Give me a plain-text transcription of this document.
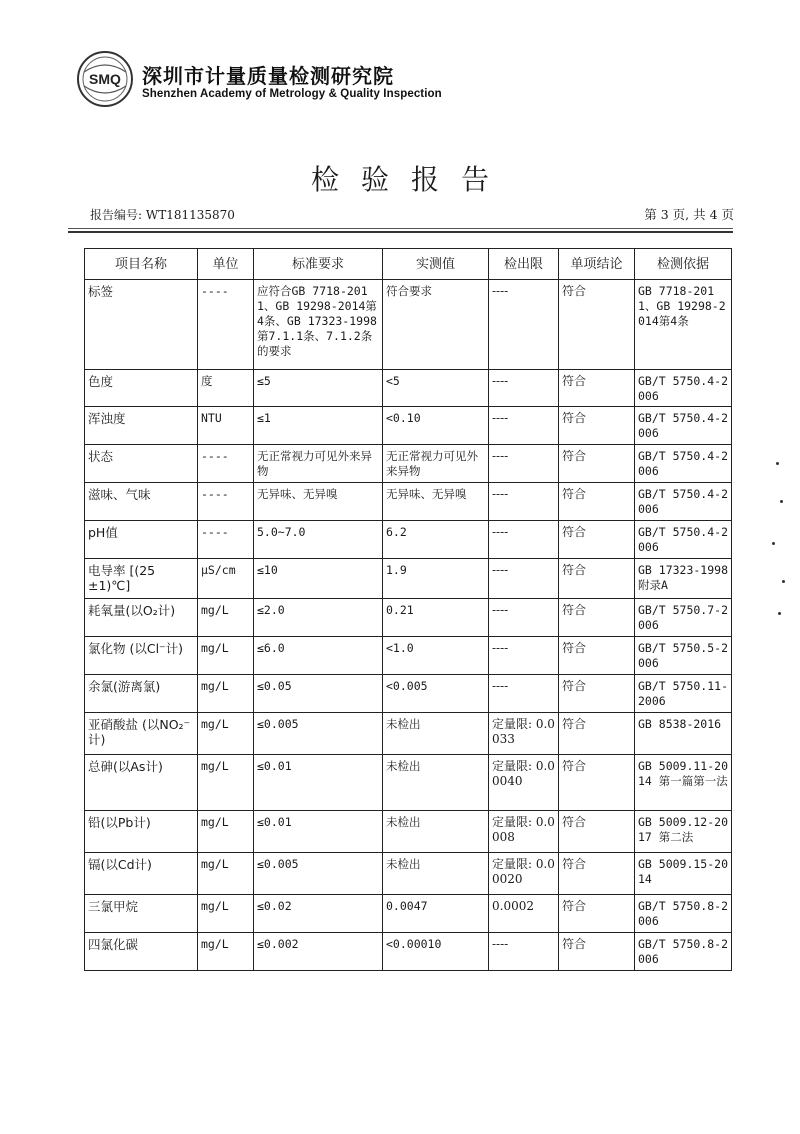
SMQ 深圳市计量质量检测研究院
Shenzhen Academy of Metrology & Quality Inspection
检验报告
报告编号: WT181135870	第 3 页, 共 4 页
项目名称	单位	标准要求	实测值	检出限	单项结论	检测依据
标签	----	应符合GB 7718-2011、GB 19298-2014第4条、GB 17323-1998第7.1.1条、7.1.2条的要求	符合要求	----	符合	GB 7718-2011、GB 19298-2014第4条
色度	度	≤5	<5	----	符合	GB/T 5750.4-2006
浑浊度	NTU	≤1	<0.10	----	符合	GB/T 5750.4-2006
状态	----	无正常视力可见外来异物	无正常视力可见外来异物	----	符合	GB/T 5750.4-2006
滋味、气味	----	无异味、无异嗅	无异味、无异嗅	----	符合	GB/T 5750.4-2006
pH值	----	5.0~7.0	6.2	----	符合	GB/T 5750.4-2006
电导率 [(25±1)℃]	μS/cm	≤10	1.9	----	符合	GB 17323-1998附录A
耗氧量(以O₂计)	mg/L	≤2.0	0.21	----	符合	GB/T 5750.7-2006
氯化物 (以Cl⁻计)	mg/L	≤6.0	<1.0	----	符合	GB/T 5750.5-2006
余氯(游离氯)	mg/L	≤0.05	<0.005	----	符合	GB/T 5750.11-2006
亚硝酸盐 (以NO₂⁻计)	mg/L	≤0.005	未检出	定量限: 0.0033	符合	GB 8538-2016
总砷(以As计)	mg/L	≤0.01	未检出	定量限: 0.00040	符合	GB 5009.11-2014 第一篇第一法
铅(以Pb计)	mg/L	≤0.01	未检出	定量限: 0.0008	符合	GB 5009.12-2017 第二法
镉(以Cd计)	mg/L	≤0.005	未检出	定量限: 0.00020	符合	GB 5009.15-2014
三氯甲烷	mg/L	≤0.02	0.0047	0.0002	符合	GB/T 5750.8-2006
四氯化碳	mg/L	≤0.002	<0.00010	----	符合	GB/T 5750.8-2006
